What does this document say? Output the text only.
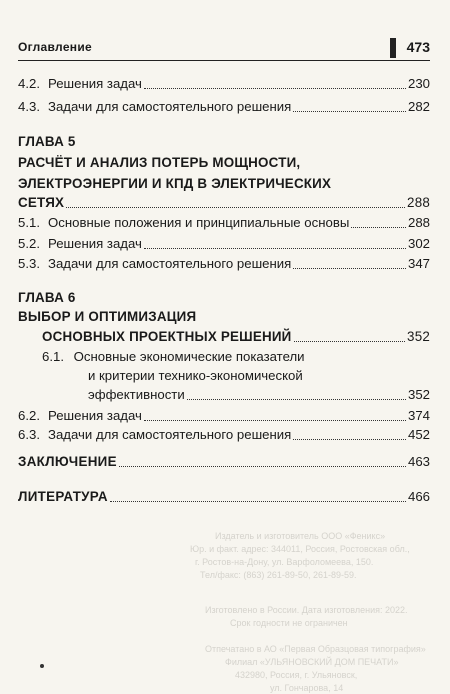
Оглавление	473
4.2. Решения задач	230
4.3. Задачи для самостоятельного решения	282
ГЛАВА 5
РАСЧЁТ И АНАЛИЗ ПОТЕРЬ МОЩНОСТИ,
ЭЛЕКТРОЭНЕРГИИ И КПД В ЭЛЕКТРИЧЕСКИХ
СЕТЯХ	288
5.1. Основные положения и принципиальные основы	288
5.2. Решения задач	302
5.3. Задачи для самостоятельного решения	347
ГЛАВА 6
ВЫБОР И ОПТИМИЗАЦИЯ
ОСНОВНЫХ ПРОЕКТНЫХ РЕШЕНИЙ	352
6.1. Основные экономические показатели
и критерии технико-экономической
эффективности	352
6.2. Решения задач	374
6.3. Задачи для самостоятельного решения	452
ЗАКЛЮЧЕНИЕ	463
ЛИТЕРАТУРА	466
Издатель и изготовитель ООО «Феникс»
Юр. и факт. адрес: 344011, Россия, Ростовская обл.,
г. Ростов-на-Дону, ул. Варфоломеева, 150.
Тел/факс: (863) 261-89-50, 261-89-59.
Изготовлено в России. Дата изготовления: 2022.
Срок годности не ограничен
Отпечатано в АО «Первая Образцовая типография»
Филиал «УЛЬЯНОВСКИЙ ДОМ ПЕЧАТИ»
432980, Россия, г. Ульяновск,
ул. Гончарова, 14
